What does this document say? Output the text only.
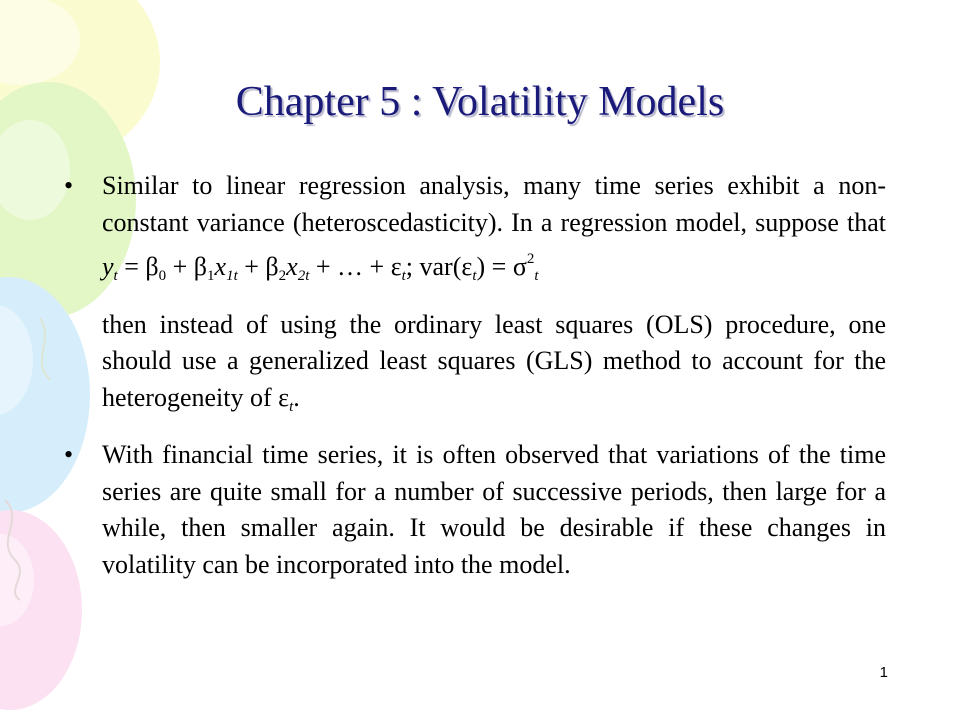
Chapter 5 : Volatility Models

• Similar to linear regression analysis, many time series exhibit a non-constant variance (heteroscedasticity). In a regression model, suppose that $y_t = \beta_0 + \beta_1x_{1t} + \beta_2x_{2t}$ + … + $\varepsilon_t$; $var(\varepsilon_t) = \sigma^2_t$

then instead of using the ordinary least squares (OLS) procedure, one should use a generalized least squares (GLS) method to account for the heterogeneity of $\varepsilon_t$.

• With financial time series, it is often observed that variations of the time series are quite small for a number of successive periods, then large for a while, then smaller again. It would be desirable if these changes in volatility can be incorporated into the model.

1
